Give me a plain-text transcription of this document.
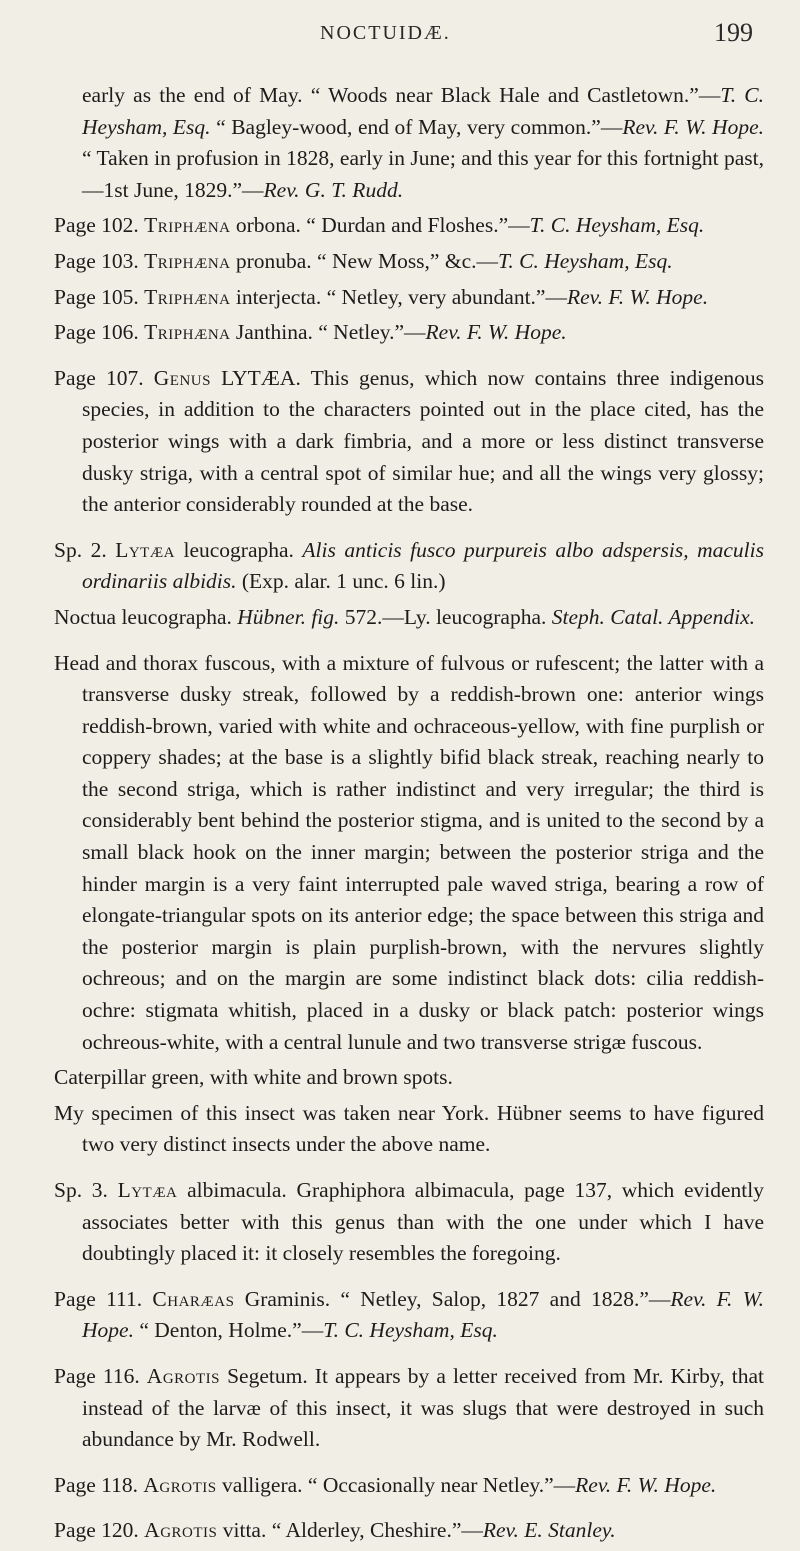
NOCTUIDÆ.	199

early as the end of May. “ Woods near Black Hale and Castletown.”—T. C. Heysham, Esq. “ Bagley-wood, end of May, very common.”—Rev. F. W. Hope. “ Taken in profusion in 1828, early in June; and this year for this fortnight past,—1st June, 1829.”—Rev. G. T. Rudd.

Page 102. Triphæna orbona. “ Durdan and Floshes.”—T. C. Heysham, Esq.

Page 103. Triphæna pronuba. “ New Moss,” &c.—T. C. Heysham, Esq.

Page 105. Triphæna interjecta. “ Netley, very abundant.”—Rev. F. W. Hope.

Page 106. Triphæna Janthina. “ Netley.”—Rev. F. W. Hope.

Page 107. Genus LYTÆA. This genus, which now contains three indigenous species, in addition to the characters pointed out in the place cited, has the posterior wings with a dark fimbria, and a more or less distinct transverse dusky striga, with a central spot of similar hue; and all the wings very glossy; the anterior considerably rounded at the base.

Sp. 2. Lytæa leucographa. Alis anticis fusco purpureis albo adspersis, maculis ordinariis albidis. (Exp. alar. 1 unc. 6 lin.)

Noctua leucographa. Hübner. fig. 572.—Ly. leucographa. Steph. Catal. Appendix.

Head and thorax fuscous, with a mixture of fulvous or rufescent; the latter with a transverse dusky streak, followed by a reddish-brown one: anterior wings reddish-brown, varied with white and ochraceous-yellow, with fine purplish or coppery shades; at the base is a slightly bifid black streak, reaching nearly to the second striga, which is rather indistinct and very irregular; the third is considerably bent behind the posterior stigma, and is united to the second by a small black hook on the inner margin; between the posterior striga and the hinder margin is a very faint interrupted pale waved striga, bearing a row of elongate-triangular spots on its anterior edge; the space between this striga and the posterior margin is plain purplish-brown, with the nervures slightly ochreous; and on the margin are some indistinct black dots: cilia reddish-ochre: stigmata whitish, placed in a dusky or black patch: posterior wings ochreous-white, with a central lunule and two transverse strigæ fuscous.

Caterpillar green, with white and brown spots.

My specimen of this insect was taken near York. Hübner seems to have figured two very distinct insects under the above name.

Sp. 3. Lytæa albimacula. Graphiphora albimacula, page 137, which evidently associates better with this genus than with the one under which I have doubtingly placed it: it closely resembles the foregoing.

Page 111. Charæas Graminis. “ Netley, Salop, 1827 and 1828.”—Rev. F. W. Hope. “ Denton, Holme.”—T. C. Heysham, Esq.

Page 116. Agrotis Segetum. It appears by a letter received from Mr. Kirby, that instead of the larvæ of this insect, it was slugs that were destroyed in such abundance by Mr. Rodwell.

Page 118. Agrotis valligera. “ Occasionally near Netley.”—Rev. F. W. Hope.

Page 120. Agrotis vitta. “ Alderley, Cheshire.”—Rev. E. Stanley.
